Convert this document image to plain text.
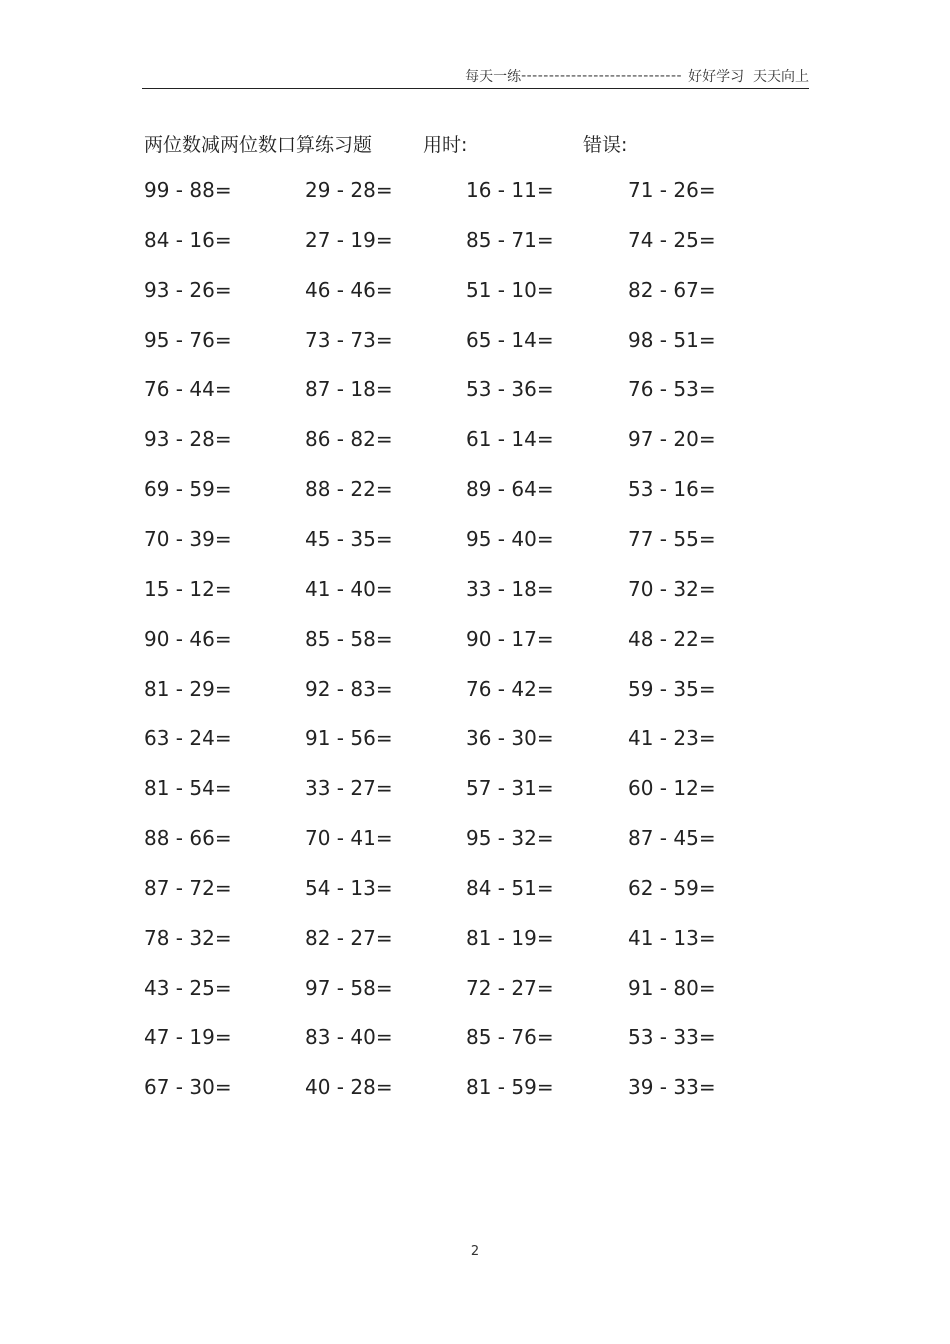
每天一练 ----------------------------- 好好学习  天天向上
两位数减两位数口算练习题	用时:	错误:
99 - 88=	29 - 28=	16 - 11=	71 - 26=
84 - 16=	27 - 19=	85 - 71=	74 - 25=
93 - 26=	46 - 46=	51 - 10=	82 - 67=
95 - 76=	73 - 73=	65 - 14=	98 - 51=
76 - 44=	87 - 18=	53 - 36=	76 - 53=
93 - 28=	86 - 82=	61 - 14=	97 - 20=
69 - 59=	88 - 22=	89 - 64=	53 - 16=
70 - 39=	45 - 35=	95 - 40=	77 - 55=
15 - 12=	41 - 40=	33 - 18=	70 - 32=
90 - 46=	85 - 58=	90 - 17=	48 - 22=
81 - 29=	92 - 83=	76 - 42=	59 - 35=
63 - 24=	91 - 56=	36 - 30=	41 - 23=
81 - 54=	33 - 27=	57 - 31=	60 - 12=
88 - 66=	70 - 41=	95 - 32=	87 - 45=
87 - 72=	54 - 13=	84 - 51=	62 - 59=
78 - 32=	82 - 27=	81 - 19=	41 - 13=
43 - 25=	97 - 58=	72 - 27=	91 - 80=
47 - 19=	83 - 40=	85 - 76=	53 - 33=
67 - 30=	40 - 28=	81 - 59=	39 - 33=
2
